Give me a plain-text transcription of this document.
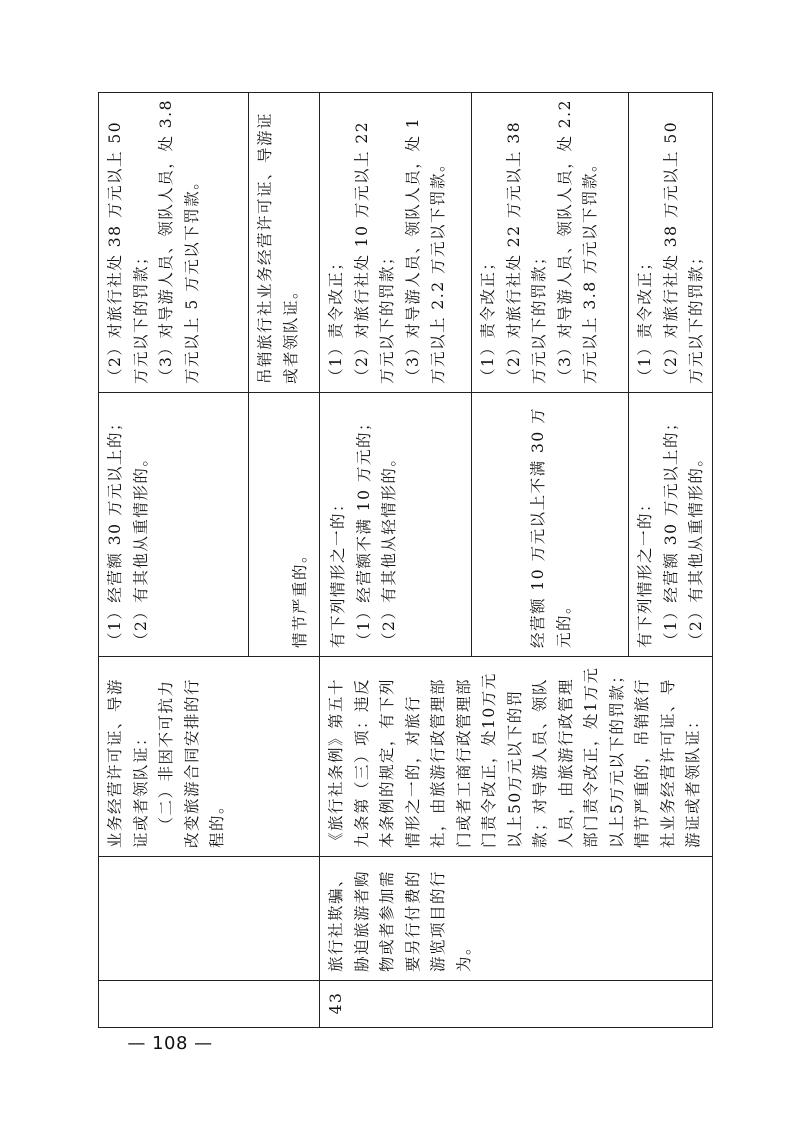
		业务经营许可证、导游证或者领队证： （二）非因不可抗力改变旅游合同安排的行程的。	（1）经营额 30 万元以上的； （2）有其他从重情形的。	（2）对旅行社处 38 万元以上 50 万元以下的罚款； （3）对导游人员、领队人员，处 3.8 万元以上 5 万元以下罚款。

			情节严重的。	吊销旅行社业务经营许可证、导游证或者领队证。

43	旅行社欺骗、胁迫旅游者购物或者参加需要另行付费的游览项目的行为。	《旅行社条例》第五十九条第（三）项：违反本条例的规定，有下列情形之一的，对旅行社，由旅游行政管理部门或者工商行政管理部门责令改正，处10万元以上50万元以下的罚款；对导游人员、领队人员，由旅游行政管理部门责令改正，处1万元以上5万元以下的罚款；情节严重的，吊销旅行社业务经营许可证、导游证或者领队证：	有下列情形之一的： （1）经营额不满 10 万元的； （2）有其他从轻情形的。	（1）责令改正； （2）对旅行社处 10 万元以上 22 万元以下的罚款； （3）对导游人员、领队人员，处 1 万元以上 2.2 万元以下罚款。

			经营额 10 万元以上不满 30 万元的。	（1）责令改正； （2）对旅行社处 22 万元以上 38 万元以下的罚款； （3）对导游人员、领队人员，处 2.2 万元以上 3.8 万元以下罚款。

			有下列情形之一的： （1）经营额 30 万元以上的； （2）有其他从重情形的。	（1）责令改正； （2）对旅行社处 38 万元以上 50 万元以下的罚款；
— 108 —
